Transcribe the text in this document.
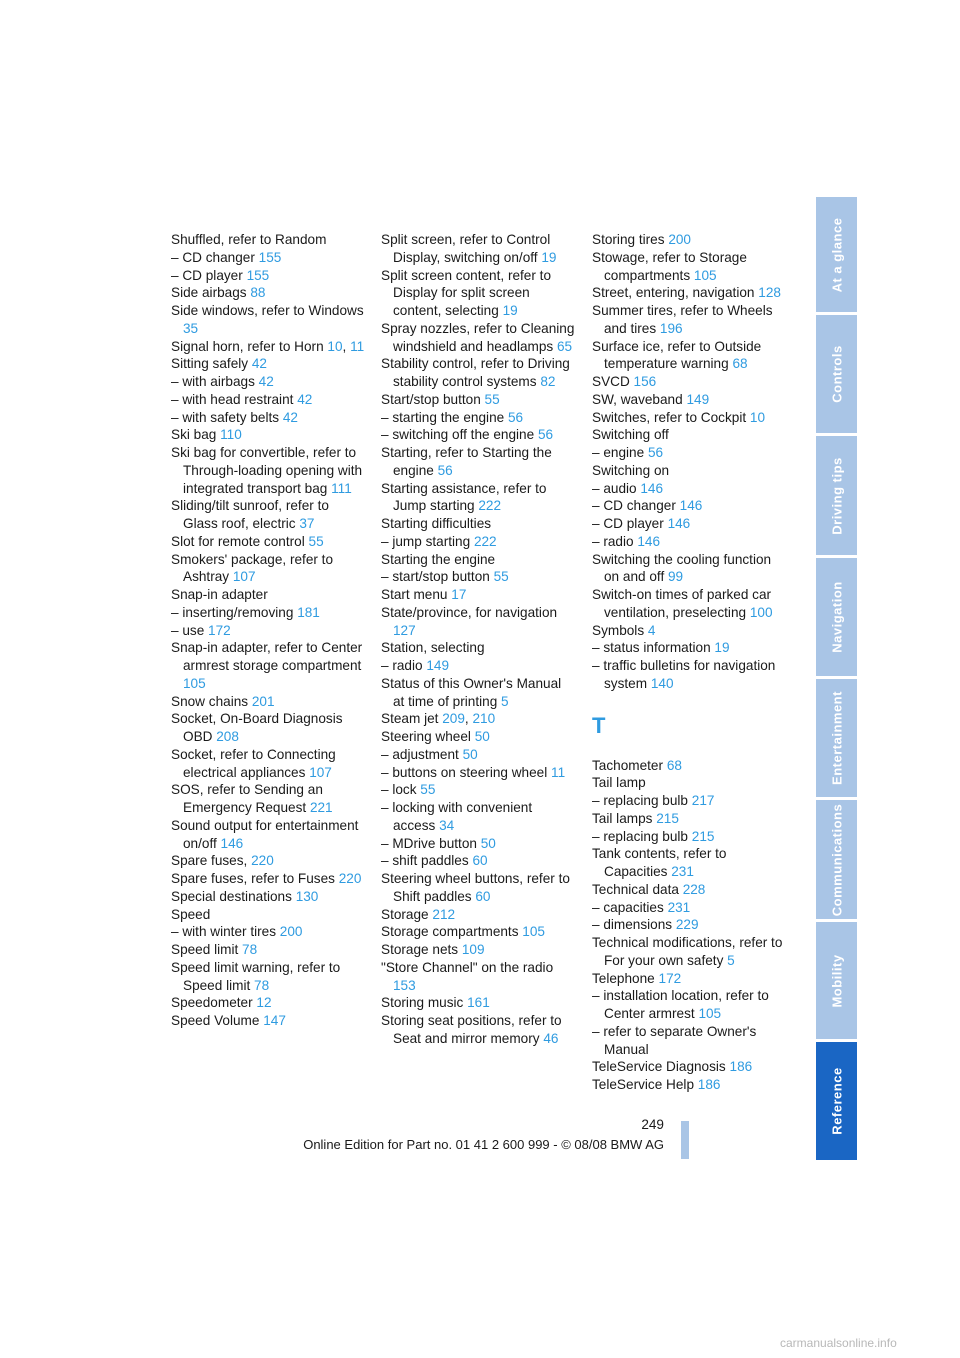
Shuffled, refer to Random
– CD changer 155
– CD player 155
Side airbags 88
Side windows, refer to Windows 35
Signal horn, refer to Horn 10, 11
Sitting safely 42
– with airbags 42
– with head restraint 42
– with safety belts 42
Ski bag 110
Ski bag for convertible, refer to Through-loading opening with integrated transport bag 111
Sliding/tilt sunroof, refer to Glass roof, electric 37
Slot for remote control 55
Smokers' package, refer to Ashtray 107
Snap-in adapter
– inserting/removing 181
– use 172
Snap-in adapter, refer to Center armrest storage compartment 105
Snow chains 201
Socket, On-Board Diagnosis OBD 208
Socket, refer to Connecting electrical appliances 107
SOS, refer to Sending an Emergency Request 221
Sound output for entertainment on/off 146
Spare fuses, 220
Spare fuses, refer to Fuses 220
Special destinations 130
Speed
– with winter tires 200
Speed limit 78
Speed limit warning, refer to Speed limit 78
Speedometer 12
Speed Volume 147
Split screen, refer to Control Display, switching on/off 19
Split screen content, refer to Display for split screen content, selecting 19
Spray nozzles, refer to Cleaning windshield and headlamps 65
Stability control, refer to Driving stability control systems 82
Start/stop button 55
– starting the engine 56
– switching off the engine 56
Starting, refer to Starting the engine 56
Starting assistance, refer to Jump starting 222
Starting difficulties
– jump starting 222
Starting the engine
– start/stop button 55
Start menu 17
State/province, for navigation 127
Station, selecting
– radio 149
Status of this Owner's Manual at time of printing 5
Steam jet 209, 210
Steering wheel 50
– adjustment 50
– buttons on steering wheel 11
– lock 55
– locking with convenient access 34
– MDrive button 50
– shift paddles 60
Steering wheel buttons, refer to Shift paddles 60
Storage 212
Storage compartments 105
Storage nets 109
"Store Channel" on the radio 153
Storing music 161
Storing seat positions, refer to Seat and mirror memory 46
Storing tires 200
Stowage, refer to Storage compartments 105
Street, entering, navigation 128
Summer tires, refer to Wheels and tires 196
Surface ice, refer to Outside temperature warning 68
SVCD 156
SW, waveband 149
Switches, refer to Cockpit 10
Switching off
– engine 56
Switching on
– audio 146
– CD changer 146
– CD player 146
– radio 146
Switching the cooling function on and off 99
Switch-on times of parked car ventilation, preselecting 100
Symbols 4
– status information 19
– traffic bulletins for navigation system 140
T
Tachometer 68
Tail lamp
– replacing bulb 217
Tail lamps 215
– replacing bulb 215
Tank contents, refer to Capacities 231
Technical data 228
– capacities 231
– dimensions 229
Technical modifications, refer to For your own safety 5
Telephone 172
– installation location, refer to Center armrest 105
– refer to separate Owner's Manual
TeleService Diagnosis 186
TeleService Help 186
At a glance
Controls
Driving tips
Navigation
Entertainment
Communications
Mobility
Reference
249
Online Edition for Part no. 01 41 2 600 999 - © 08/08 BMW AG
carmanualsonline.info
